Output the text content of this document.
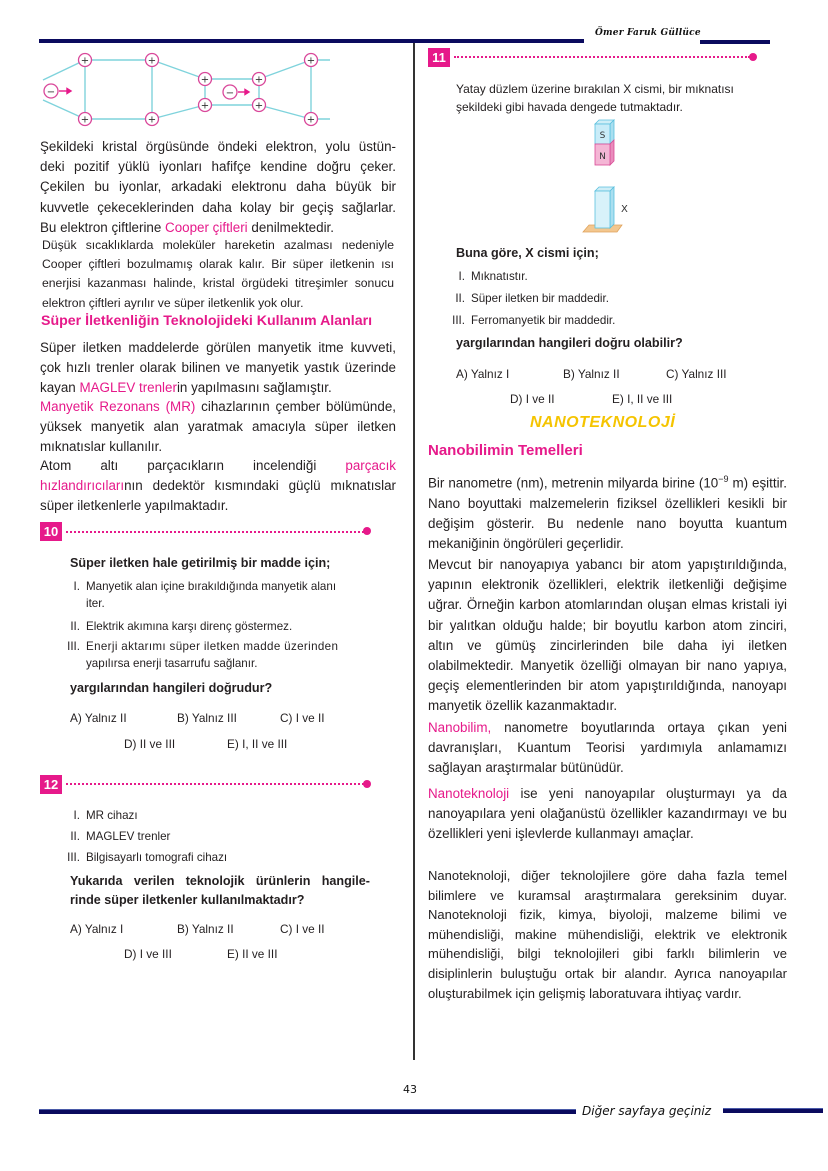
Ömer Faruk Güllüce
+	+
+	+
+	+
+	+
+
+
−	−
Şekildeki kristal örgüsünde öndeki elektron, yolu üstün-
deki pozitif yüklü iyonları hafifçe kendine doğru çeker.
Çekilen bu iyonlar, arkadaki elektronu daha büyük bir
kuvvetle çekeceklerinden daha kolay bir geçiş sağlarlar.
Bu elektron çiftlerine Cooper çiftleri denilmektedir.
Düşük sıcaklıklarda moleküler hareketin azalması nedeniyle Cooper çiftleri bozulmamış olarak kalır. Bir süper iletkenin ısı enerjisi kazanması halinde, kristal örgüdeki titreşimler sonucu elektron çiftleri ayrılır ve süper iletkenlik yok olur.
Süper İletkenliğin Teknolojideki Kullanım Alanları
Süper iletken maddelerde görülen manyetik itme kuvveti, çok hızlı trenler olarak bilinen ve manyetik yastık üzerinde kayan MAGLEV trenlerin yapılmasını sağlamıştır.
Manyetik Rezonans (MR) cihazlarının çember bölümünde, yüksek manyetik alan yaratmak amacıyla süper iletken mıknatıslar kullanılır.
Atom altı parçacıkların incelendiği parçacık hızlandırıcılarının dedektör kısmındaki güçlü mıknatıslar süper iletkenlerle yapılmaktadır.
10
Süper iletken hale getirilmiş bir madde için;
I. Manyetik alan içine bırakıldığında manyetik alanı
iter.
II. Elektrik akımına karşı direnç göstermez.
III. Enerji aktarımı süper iletken madde üzerinden
yapılırsa enerji tasarrufu sağlanır.
yargılarından hangileri doğrudur?
A) Yalnız II	B) Yalnız III	C) I ve II
D) II ve III	E) I, II ve III
12
I. MR cihazı
II. MAGLEV trenler
III. Bilgisayarlı tomografi cihazı
Yukarıda verilen teknolojik ürünlerin hangile-
rinde süper iletkenler kullanılmaktadır?
A) Yalnız I	B) Yalnız II	C) I ve II
D) I ve III	E) II ve III
11
Yatay düzlem üzerine bırakılan X cismi, bir mıknatısı
şekildeki gibi havada dengede tutmaktadır.
S
N
X
Buna göre, X cismi için;
I. Mıknatıstır.
II. Süper iletken bir maddedir.
III. Ferromanyetik bir maddedir.
yargılarından hangileri doğru olabilir?
A) Yalnız I	B) Yalnız II	C) Yalnız III
D) I ve II	E) I, II ve III
NANOTEKNOLOJİ
Nanobilimin Temelleri
Bir nanometre (nm), metrenin milyarda birine ($10^{-9}$ m) eşittir. Nano boyuttaki malzemelerin fiziksel özellikleri kesikli bir değişim gösterir. Bu nedenle nano boyutta kuantum mekaniğinin öngörüleri geçerlidir.
Mevcut bir nanoyapıya yabancı bir atom yapıştırıldığında, yapının elektronik özellikleri, elektrik iletkenliği değişime uğrar. Örneğin karbon atomlarından oluşan elmas kristali iyi bir yalıtkan olduğu halde; bir boyutlu karbon atom zinciri, altın ve gümüş zincirlerinden bile daha iyi iletken olabilmektedir. Manyetik özelliği olmayan bir nano yapıya, geçiş elementlerinden bir atom yapıştırıldığında, nanoyapı manyetik özellik kazanmaktadır.
Nanobilim, nanometre boyutlarında ortaya çıkan yeni davranışları, Kuantum Teorisi yardımıyla anlamamızı sağlayan araştırmalar bütünüdür.
Nanoteknoloji ise yeni nanoyapılar oluşturmayı ya da nanoyapılara yeni olağanüstü özellikler kazandırmayı ve bu özellikleri yeni işlevlerde kullanmayı amaçlar.
Nanoteknoloji, diğer teknolojilere göre daha fazla temel bilimlere ve kuramsal araştırmalara gereksinim duyar. Nanoteknoloji fizik, kimya, biyoloji, malzeme bilimi ve mühendisliği, makine mühendisliği, elektrik ve elektronik mühendisliği, bilgi teknolojileri gibi farklı bilimlerin ve disiplinlerin buluştuğu ortak bir alandır. Ayrıca nanoyapılar oluşturabilmek için gelişmiş laboratuvara ihtiyaç vardır.
43
Diğer sayfaya geçiniz
